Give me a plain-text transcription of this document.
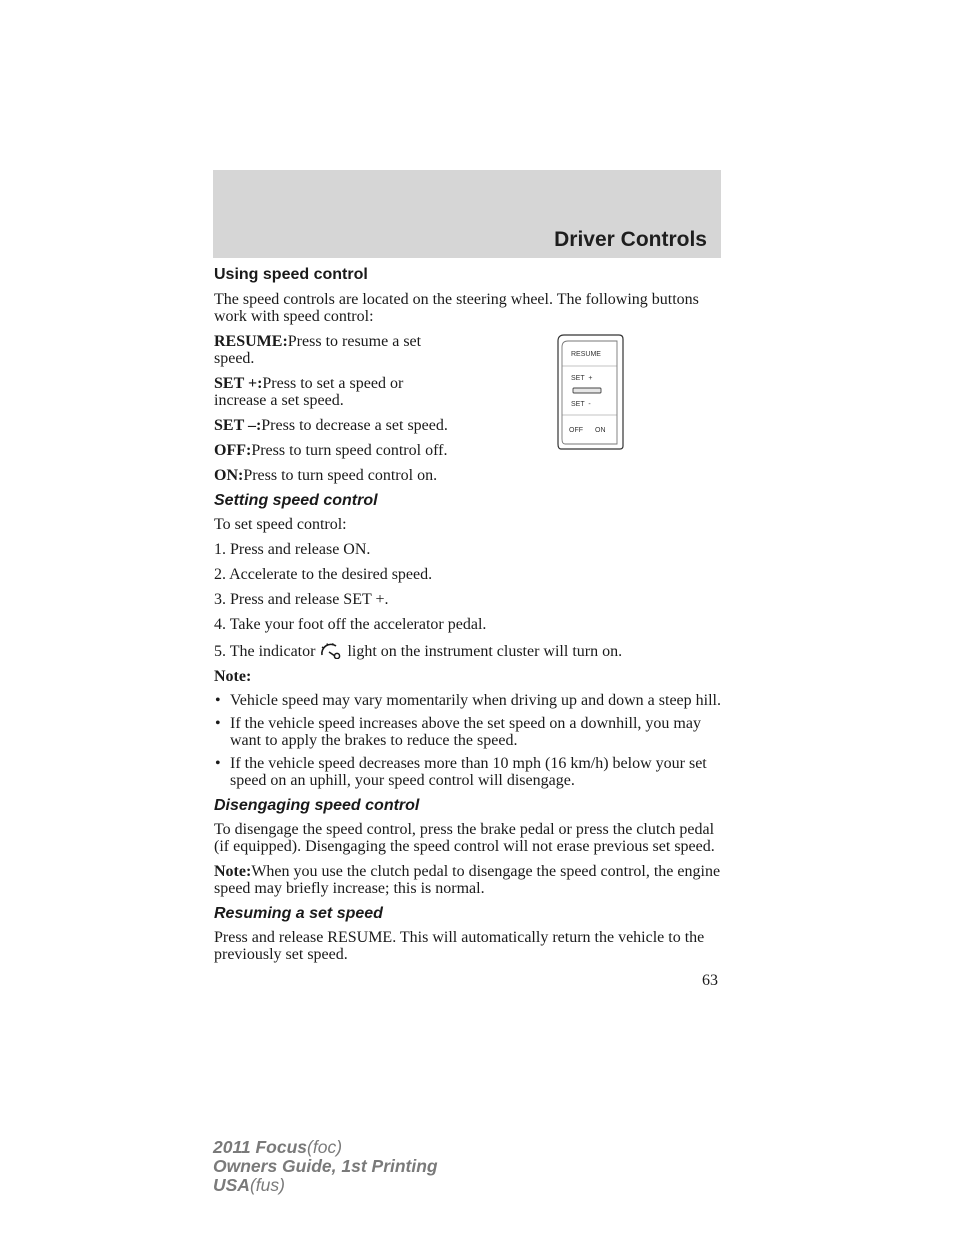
Driver Controls
Using speed control

The speed controls are located on the steering wheel. The following buttons work with speed control:

RESUME:Press to resume a set speed.

SET +:Press to set a speed or increase a set speed.

SET –:Press to decrease a set speed.

OFF:Press to turn speed control off.

ON:Press to turn speed control on.

Setting speed control

To set speed control:

1. Press and release ON.

2. Accelerate to the desired speed.

3. Press and release SET +.

4. Take your foot off the accelerator pedal.

5. The indicator light on the instrument cluster will turn on.

Note:

• Vehicle speed may vary momentarily when driving up and down a steep hill.
• If the vehicle speed increases above the set speed on a downhill, you may want to apply the brakes to reduce the speed.
• If the vehicle speed decreases more than 10 mph (16 km/h) below your set speed on an uphill, your speed control will disengage.
Disengaging speed control

To disengage the speed control, press the brake pedal or press the clutch pedal (if equipped). Disengaging the speed control will not erase previous set speed.

Note:When you use the clutch pedal to disengage the speed control, the engine speed may briefly increase; this is normal.

Resuming a set speed

Press and release RESUME. This will automatically return the vehicle to the previously set speed.

RESUME
SET  +
SET  -
OFF ON
63
2011 Focus(foc)
Owners Guide, 1st Printing
USA(fus)
